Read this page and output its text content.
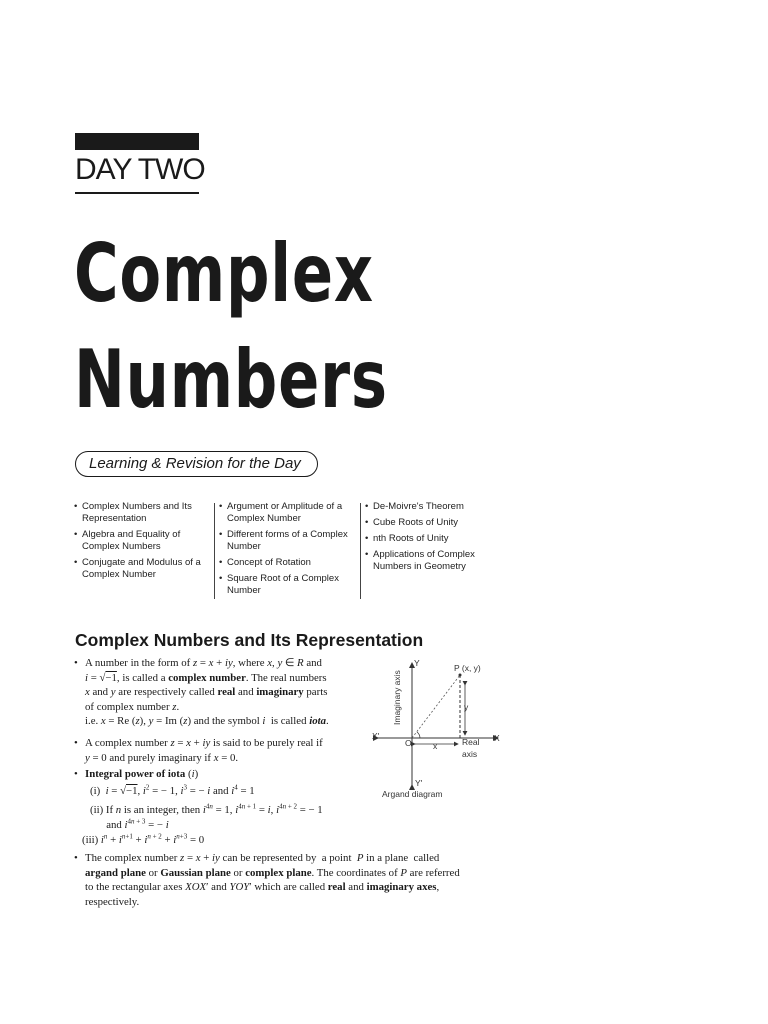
DAY TWO
Complex
Numbers
Learning & Revision for the Day
• Complex Numbers and Its Representation
• Algebra and Equality of Complex Numbers
• Conjugate and Modulus of a Complex Number
• Argument or Amplitude of a Complex Number
• Different forms of a Complex Number
• Concept of Rotation
• Square Root of a Complex Number
• De-Moivre's Theorem
• Cube Roots of Unity
• nth Roots of Unity
• Applications of Complex Numbers in Geometry
Complex Numbers and Its Representation
• A number in the form of z = x + iy, where x, y ∈ R and
i = √−1, is called a complex number. The real numbers
x and y are respectively called real and imaginary parts
of complex number z.
i.e. x = Re (z), y = Im (z) and the symbol i  is called iota.
• A complex number z = x + iy is said to be purely real if
y = 0 and purely imaginary if x = 0.
• Integral power of iota (i)
(i)  i = √−1, $i^2$ = − 1, $i^3$ = − i and $i^4 = 1$
(ii) If n is an integer, then $i^{4n} = 1$, $i^{4n + 1} = i$, $i^{4n + 2}$ = − 1
and $i^{4n + 3}$ = − i
(iii) $i^n + i^{n+1} + i^{n + 2} + i^{n+3} = 0$
• The complex number z = x + iy can be represented by  a point  P in a plane  called
argand plane or Gaussian plane or complex plane. The coordinates of P are referred
to the rectangular axes XOX′ and YOY′ which are called real and imaginary axes,
respectively.
Y
Imaginary axis
P (x, y)
X'
O	X
x
y
Real
axis
Y'
Argand diagram
